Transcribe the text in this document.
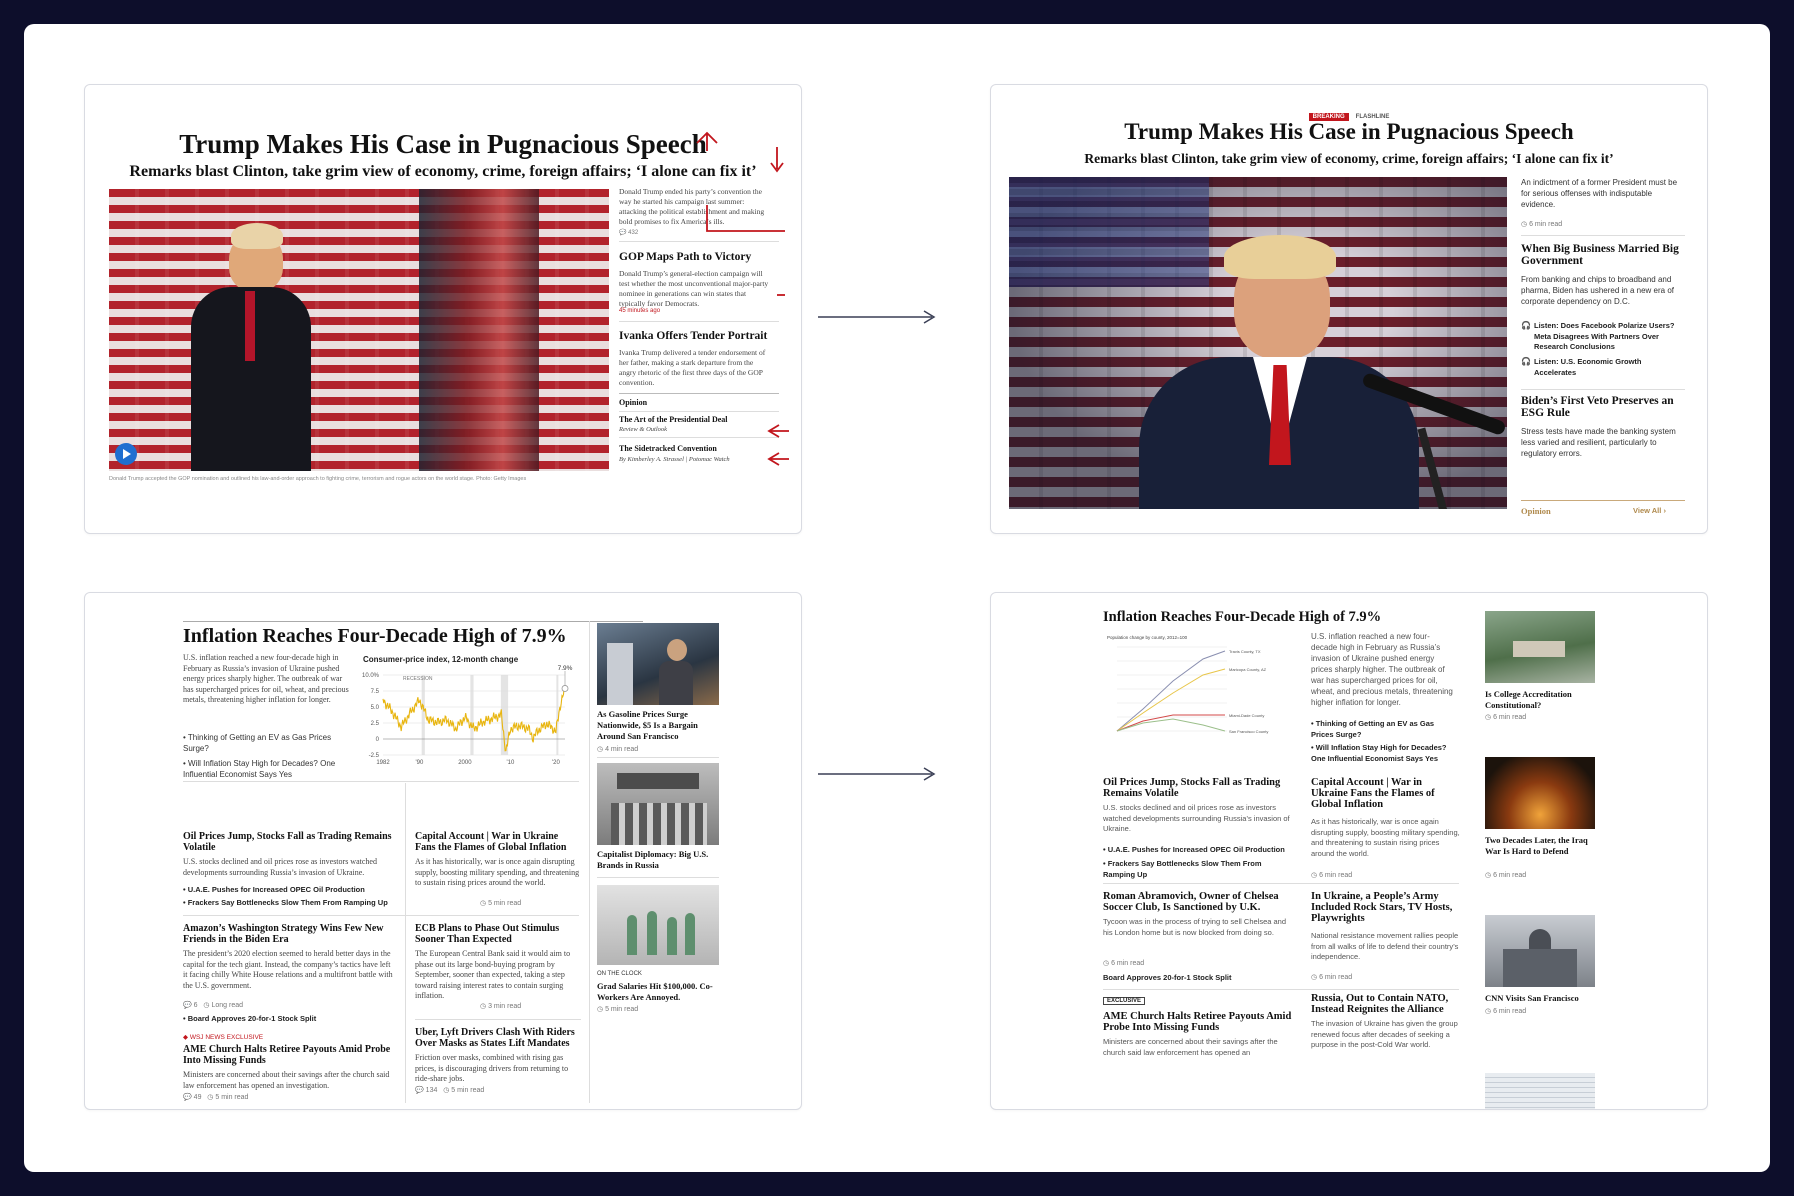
Trump Makes His Case in Pugnacious Speech
Remarks blast Clinton, take grim view of economy, crime, foreign affairs; ‘I alone can fix it’
Donald Trump accepted the GOP nomination and outlined his law-and-order approach to fighting crime, terrorism and rogue actors on the world stage. Photo: Getty Images
Donald Trump ended his party’s convention the way he started his campaign last summer: attacking the political establishment and making bold promises to fix America’s ills.
💬 432
GOP Maps Path to Victory
Donald Trump’s general-election campaign will test whether the most unconventional major-party nominee in generations can win states that typically favor Democrats.
45 minutes ago
Ivanka Offers Tender Portrait
Ivanka Trump delivered a tender endorsement of her father, making a stark departure from the angry rhetoric of the first three days of the GOP convention.
Opinion
The Art of the Presidential Deal
Review & Outlook
The Sidetracked Convention
By Kimberley A. Strassel | Potomac Watch
BREAKING FLASHLINE
Trump Makes His Case in Pugnacious Speech
Remarks blast Clinton, take grim view of economy, crime, foreign affairs; ‘I alone can fix it’
An indictment of a former President must be for serious offenses with indisputable evidence.
◷ 6 min read
When Big Business Married Big Government
From banking and chips to broadband and pharma, Biden has ushered in a new era of corporate dependency on D.C.
🎧 Listen: Does Facebook Polarize Users? Meta Disagrees With Partners Over Research Conclusions
🎧 Listen: U.S. Economic Growth Accelerates
Biden’s First Veto Preserves an ESG Rule
Stress tests have made the banking system less varied and resilient, particularly to regulatory errors.
Opinion	View All ›
Inflation Reaches Four-Decade High of 7.9%
U.S. inflation reached a new four-decade high in February as Russia’s invasion of Ukraine pushed energy prices sharply higher. The outbreak of war has supercharged prices for oil, wheat, and precious metals, threatening higher inflation for longer.
• Thinking of Getting an EV as Gas Prices Surge?
• Will Inflation Stay High for Decades? One Influential Economist Says Yes
Consumer-price index, 12-month change
10.0%
7.5
5.0
2.5
0
-2.5
RECESSION
1982	'90	2000	'10	'20
7.9%
Oil Prices Jump, Stocks Fall as Trading Remains Volatile
U.S. stocks declined and oil prices rose as investors watched developments surrounding Russia’s invasion of Ukraine.
• U.A.E. Pushes for Increased OPEC Oil Production
• Frackers Say Bottlenecks Slow Them From Ramping Up
Amazon’s Washington Strategy Wins Few New Friends in the Biden Era
The president’s 2020 election seemed to herald better days in the capital for the tech giant. Instead, the company’s tactics have left it facing chilly White House relations and a multifront battle with the U.S. government.
💬 6   ◷ Long read
• Board Approves 20-for-1 Stock Split
◆ WSJ NEWS EXCLUSIVE
AME Church Halts Retiree Payouts Amid Probe Into Missing Funds
Ministers are concerned about their savings after the church said law enforcement has opened an investigation.
💬 49   ◷ 5 min read
Capital Account | War in Ukraine Fans the Flames of Global Inflation
As it has historically, war is once again disrupting supply, boosting military spending, and threatening to sustain rising prices around the world.
◷ 5 min read
ECB Plans to Phase Out Stimulus Sooner Than Expected
The European Central Bank said it would aim to phase out its large bond-buying program by September, sooner than expected, taking a step toward raising interest rates to contain surging inflation.
◷ 3 min read
Uber, Lyft Drivers Clash With Riders Over Masks as States Lift Mandates
Friction over masks, combined with rising gas prices, is discouraging drivers from returning to ride-share jobs.
💬 134   ◷ 5 min read
As Gasoline Prices Surge Nationwide, $5 Is a Bargain Around San Francisco
◷ 4 min read
Capitalist Diplomacy: Big U.S. Brands in Russia
ON THE CLOCK
Grad Salaries Hit $100,000. Co-Workers Are Annoyed.
◷ 5 min read
Inflation Reaches Four-Decade High of 7.9%
Population change by county, 2012=100
Travis County, TX
Maricopa County, AZ
Miami-Dade County
San Francisco County
U.S. inflation reached a new four-decade high in February as Russia’s invasion of Ukraine pushed energy prices sharply higher. The outbreak of war has supercharged prices for oil, wheat, and precious metals, threatening higher inflation for longer.
• Thinking of Getting an EV as Gas Prices Surge?
• Will Inflation Stay High for Decades? One Influential Economist Says Yes
Oil Prices Jump, Stocks Fall as Trading Remains Volatile
U.S. stocks declined and oil prices rose as investors watched developments surrounding Russia’s invasion of Ukraine.
• U.A.E. Pushes for Increased OPEC Oil Production
• Frackers Say Bottlenecks Slow Them From Ramping Up
Capital Account | War in Ukraine Fans the Flames of Global Inflation
As it has historically, war is once again disrupting supply, boosting military spending, and threatening to sustain rising prices around the world.
◷ 6 min read
Roman Abramovich, Owner of Chelsea Soccer Club, Is Sanctioned by U.K.
Tycoon was in the process of trying to sell Chelsea and his London home but is now blocked from doing so.
◷ 6 min read
Board Approves 20-for-1 Stock Split
In Ukraine, a People’s Army Included Rock Stars, TV Hosts, Playwrights
National resistance movement rallies people from all walks of life to defend their country’s independence.
◷ 6 min read
EXCLUSIVE
AME Church Halts Retiree Payouts Amid Probe Into Missing Funds
Ministers are concerned about their savings after the church said law enforcement has opened an
Russia, Out to Contain NATO, Instead Reignites the Alliance
The invasion of Ukraine has given the group renewed focus after decades of seeking a purpose in the post-Cold War world.
Is College Accreditation Constitutional?
◷ 6 min read
Two Decades Later, the Iraq War Is Hard to Defend
◷ 6 min read
CNN Visits San Francisco
◷ 6 min read
